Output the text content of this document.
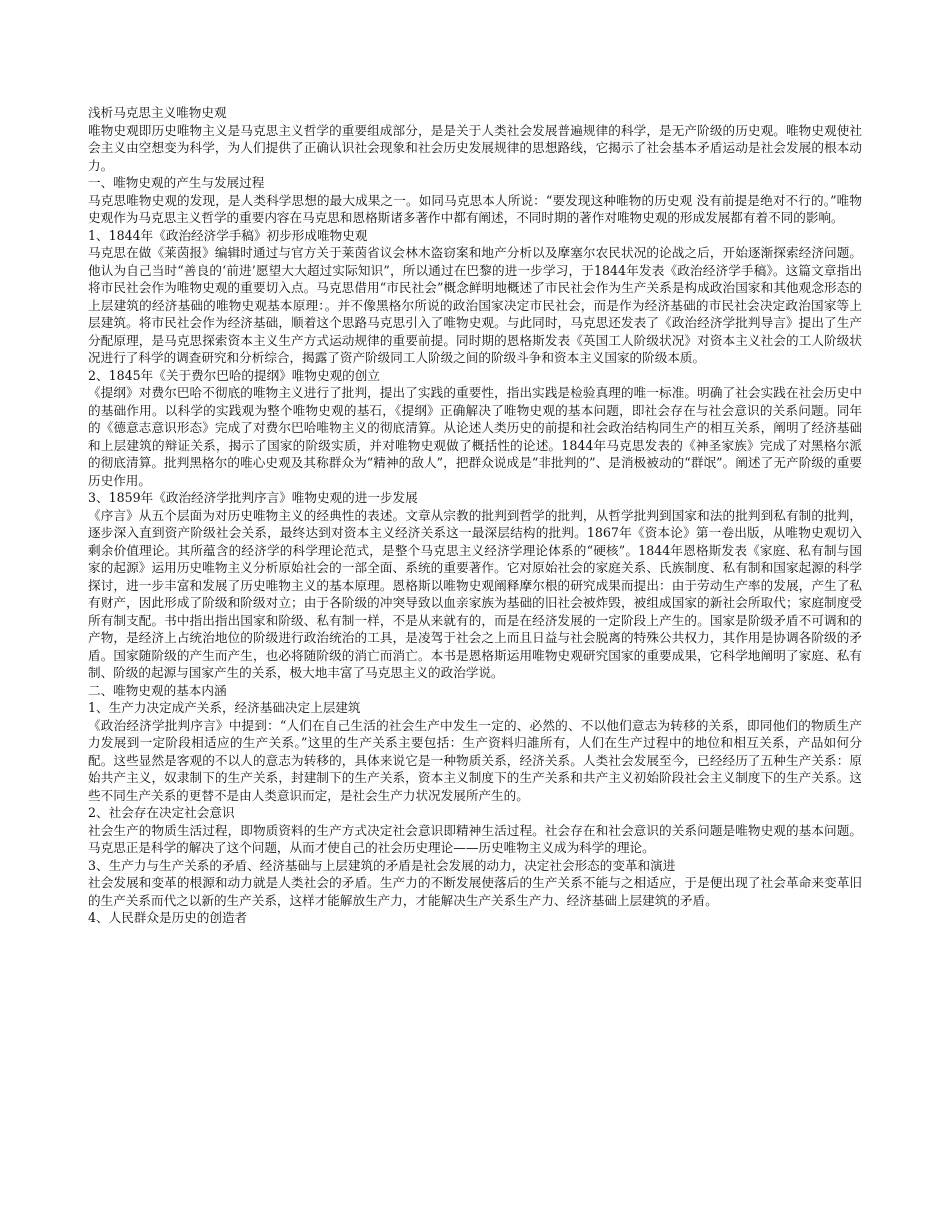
浅析马克思主义唯物史观

唯物史观即历史唯物主义是马克思主义哲学的重要组成部分，是是关于人类社会发展普遍规律的科学，是无产阶级的历史观。唯物史观使社会主义由空想变为科学，为人们提供了正确认识社会现象和社会历史发展规律的思想路线，它揭示了社会基本矛盾运动是社会发展的根本动力。

一、唯物史观的产生与发展过程

马克思唯物史观的发现，是人类科学思想的最大成果之一。如同马克思本人所说：“要发现这种唯物的历史观 没有前提是绝对不行的。”唯物史观作为马克思主义哲学的重要内容在马克思和恩格斯诸多著作中都有阐述，不同时期的著作对唯物史观的形成发展都有着不同的影响。

1、1844年《政治经济学手稿》初步形成唯物史观

马克思在做《莱茵报》编辑时通过与官方关于莱茵省议会林木盗窃案和地产分析以及摩塞尔农民状况的论战之后，开始逐渐探索经济问题。他认为自己当时“善良的‘前进’愿望大大超过实际知识”，所以通过在巴黎的进一步学习，于1844年发表《政治经济学手稿》。这篇文章指出将市民社会作为唯物史观的重要切入点。马克思借用“市民社会”概念鲜明地概述了市民社会作为生产关系是构成政治国家和其他观念形态的上层建筑的经济基础的唯物史观基本原理：。并不像黑格尔所说的政治国家决定市民社会，而是作为经济基础的市民社会决定政治国家等上层建筑。将市民社会作为经济基础，顺着这个思路马克思引入了唯物史观。与此同时，马克思还发表了《政治经济学批判导言》提出了生产分配原理，是马克思探索资本主义生产方式运动规律的重要前提。同时期的恩格斯发表《英国工人阶级状况》对资本主义社会的工人阶级状况进行了科学的调查研究和分析综合，揭露了资产阶级同工人阶级之间的阶级斗争和资本主义国家的阶级本质。

2、1845年《关于费尔巴哈的提纲》唯物史观的创立

《提纲》对费尔巴哈不彻底的唯物主义进行了批判，提出了实践的重要性，指出实践是检验真理的唯一标准。明确了社会实践在社会历史中的基础作用。以科学的实践观为整个唯物史观的基石，《提纲》正确解决了唯物史观的基本问题，即社会存在与社会意识的关系问题。同年的《德意志意识形态》完成了对费尔巴哈唯物主义的彻底清算。从论述人类历史的前提和社会政治结构同生产的相互关系，阐明了经济基础和上层建筑的辩证关系，揭示了国家的阶级实质，并对唯物史观做了概括性的论述。1844年马克思发表的《神圣家族》完成了对黑格尔派的彻底清算。批判黑格尔的唯心史观及其称群众为“精神的敌人”，把群众说成是“非批判的”、是消极被动的“群氓”。阐述了无产阶级的重要历史作用。

3、1859年《政治经济学批判序言》唯物史观的进一步发展

《序言》从五个层面为对历史唯物主义的经典性的表述。文章从宗教的批判到哲学的批判，从哲学批判到国家和法的批判到私有制的批判，逐步深入直到资产阶级社会关系，最终达到对资本主义经济关系这一最深层结构的批判。1867年《资本论》第一卷出版，从唯物史观切入剩余价值理论。其所蕴含的经济学的科学理论范式，是整个马克思主义经济学理论体系的“硬核”。1844年恩格斯发表《家庭、私有制与国家的起源》运用历史唯物主义分析原始社会的一部全面、系统的重要著作。它对原始社会的家庭关系、氏族制度、私有制和国家起源的科学探讨，进一步丰富和发展了历史唯物主义的基本原理。恩格斯以唯物史观阐释摩尔根的研究成果而提出：由于劳动生产率的发展，产生了私有财产，因此形成了阶级和阶级对立；由于各阶级的冲突导致以血亲家族为基础的旧社会被炸毁，被组成国家的新社会所取代；家庭制度受所有制支配。书中指出指出国家和阶级、私有制一样，不是从来就有的，而是在经济发展的一定阶段上产生的。国家是阶级矛盾不可调和的产物，是经济上占统治地位的阶级进行政治统治的工具，是凌驾于社会之上而且日益与社会脱离的特殊公共权力，其作用是协调各阶级的矛盾。国家随阶级的产生而产生，也必将随阶级的消亡而消亡。本书是恩格斯运用唯物史观研究国家的重要成果，它科学地阐明了家庭、私有制、阶级的起源与国家产生的关系，极大地丰富了马克思主义的政治学说。

二、唯物史观的基本内涵

1、生产力决定成产关系，经济基础决定上层建筑

《政治经济学批判序言》中提到：“人们在自己生活的社会生产中发生一定的、必然的、不以他们意志为转移的关系，即同他们的物质生产力发展到一定阶段相适应的生产关系。”这里的生产关系主要包括：生产资料归誰所有，人们在生产过程中的地位和相互关系，产品如何分配。这些显然是客观的不以人的意志为转移的，具体来说它是一种物质关系，经济关系。人类社会发展至今，已经经历了五种生产关系：原始共产主义，奴隶制下的生产关系，封建制下的生产关系，资本主义制度下的生产关系和共产主义初始阶段社会主义制度下的生产关系。这些不同生产关系的更替不是由人类意识而定，是社会生产力状况发展所产生的。

2、社会存在决定社会意识

社会生产的物质生活过程，即物质资料的生产方式决定社会意识即精神生活过程。社会存在和社会意识的关系问题是唯物史观的基本问题。马克思正是科学的解决了这个问题，从而才使自己的社会历史理论——历史唯物主义成为科学的理论。

3、生产力与生产关系的矛盾、经济基础与上层建筑的矛盾是社会发展的动力，决定社会形态的变革和演进

社会发展和变革的根源和动力就是人类社会的矛盾。生产力的不断发展使落后的生产关系不能与之相适应，于是便出现了社会革命来变革旧的生产关系而代之以新的生产关系，这样才能解放生产力，才能解决生产关系生产力、经济基础上层建筑的矛盾。

4、人民群众是历史的创造者
